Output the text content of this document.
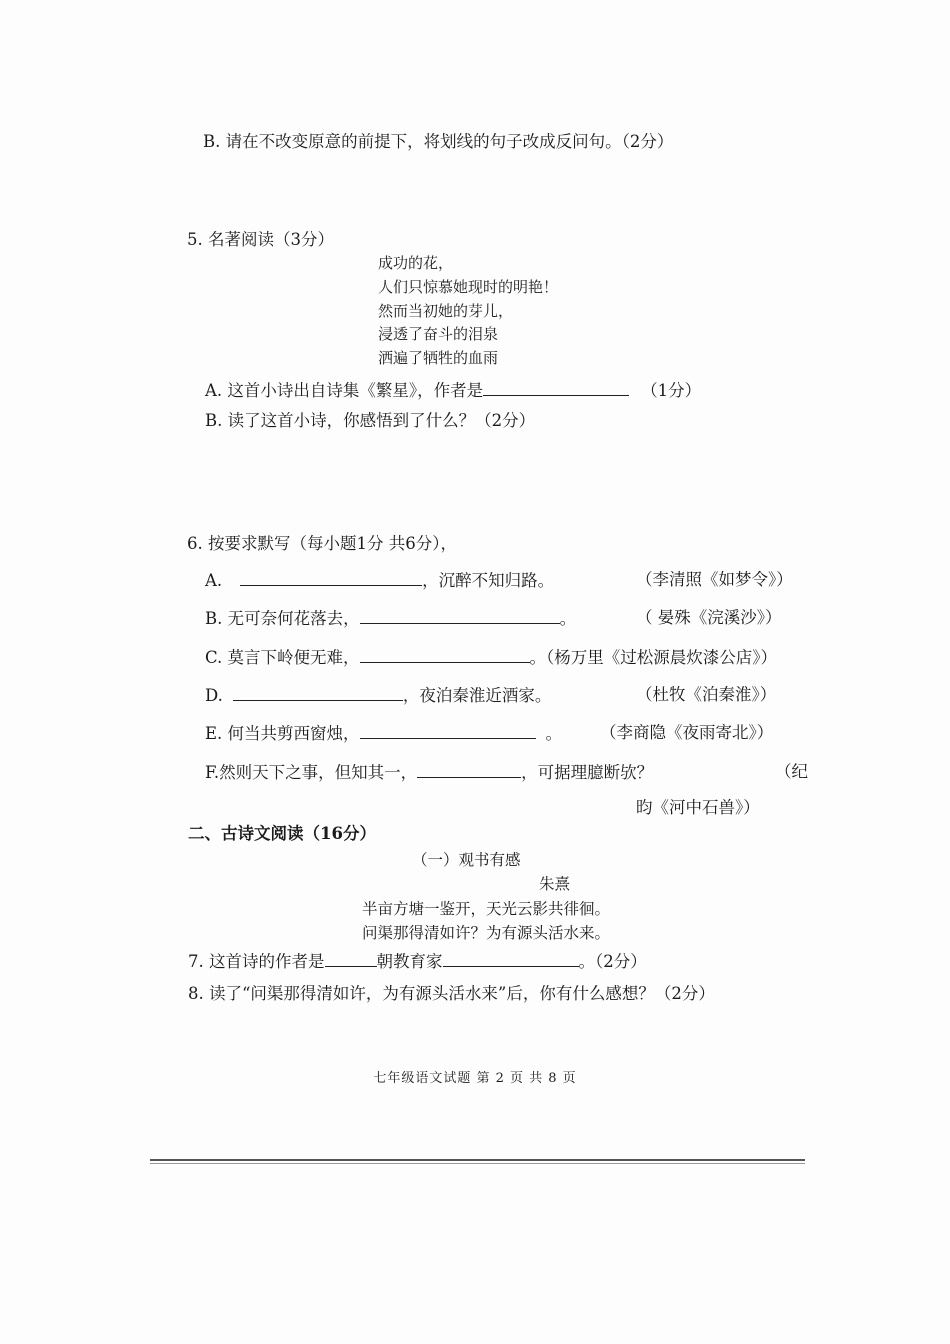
B. 请在不改变原意的前提下，将划线的句子改成反问句。（2分）
5. 名著阅读（3分）
成功的花，
人们只惊慕她现时的明艳！
然而当初她的芽儿，
浸透了奋斗的泪泉
洒遍了牺牲的血雨
A. 这首小诗出自诗集《繁星》，作者是	（1分）
B. 读了这首小诗，你感悟到了什么？（2分）
6. 按要求默写（每小题1分 共6分），
A.	，沉醉不知归路。	（李清照《如梦令》）
B. 无可奈何花落去，	。	（ 晏殊《浣溪沙》）
C. 莫言下岭便无难，	。（杨万里《过松源晨炊漆公店》）
D.	，夜泊秦淮近酒家。	（杜牧《泊秦淮》）
E. 何当共剪西窗烛，	。 （李商隐《夜雨寄北》）
F.然则天下之事，但知其一，	，可据理臆断欤？	（纪
昀《河中石兽》）
二、古诗文阅读（16分）
（一）观书有感
朱熹
半亩方塘一鉴开，天光云影共徘徊。
问渠那得清如许？为有源头活水来。
7. 这首诗的作者是	朝教育家	。（2分）
8. 读了“问渠那得清如许，为有源头活水来”后，你有什么感想？（2分）
七年级语文试题 第 2 页 共 8 页
